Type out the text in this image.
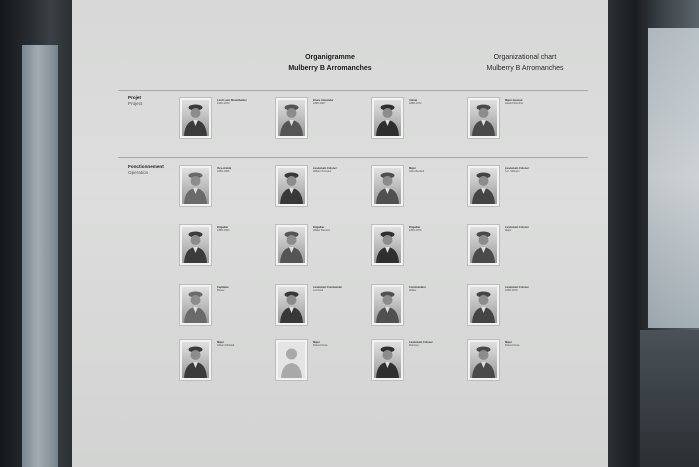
Organigramme
Mulberry B Arromanches
Organizational chart
Mulberry B Arromanches
Projet
Project
Fonctionnement
Operation
Lord Louis Mountbatten
1900-1979
Bruce Alexander
1895-1967
Amiral
1888-1972
Major General
Harold Wernher
Vice-Amiral
1883-1968
Lieutenant-Colonel
William Tennant
Major
Allan Beckett
Lieutenant-Colonel
S.F. Stillman
Brigadier
1885-1964
Brigadier
Walter Bennett
Brigadier
1894-1975
Lieutenant-Colonel
Major
Capitaine
Brister
Lieutenant-Commander
Lombard
Commandant
Walter
Lieutenant-Colonel
1898-1979
Major
Gilbert Mitchell
Major
Robert Ross
Lieutenant-Colonel
Moloney
Major
Robert Ross
